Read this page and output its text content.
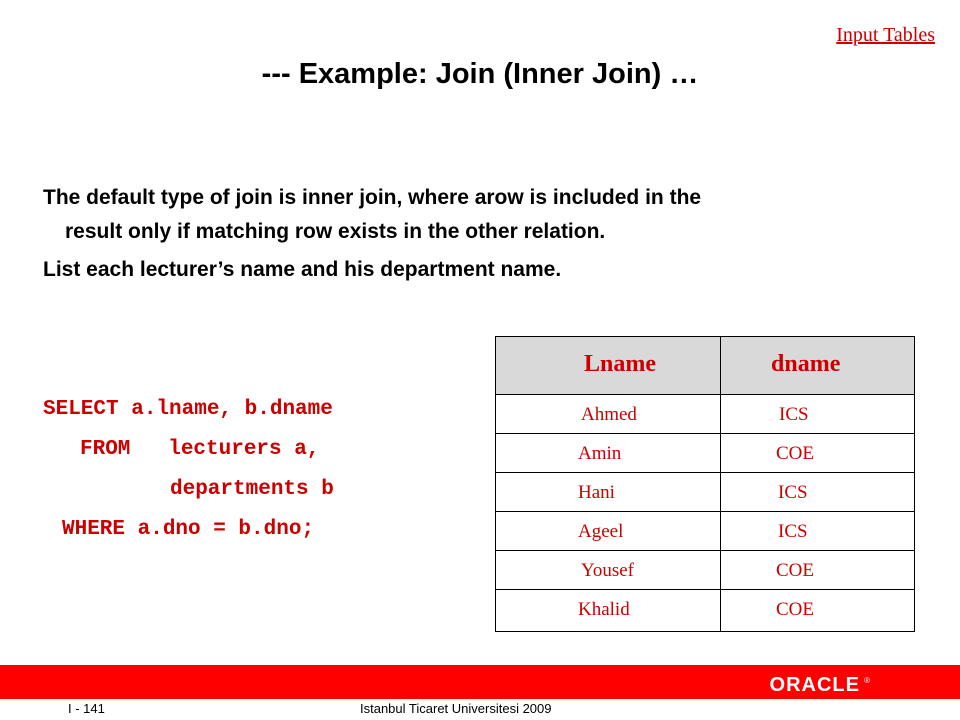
Input Tables
--- Example: Join (Inner Join) …
The default type of join is inner join, where arow is included in the
result only if matching row exists in the other relation.
List each lecturer’s name and his department name.
SELECT a.lname, b.dname
FROM   lecturers a,
departments b
WHERE a.dno = b.dno;
Lname	dname
Ahmed	ICS
Amin	COE
Hani	ICS
Ageel	ICS
Yousef	COE
Khalid	COE
ORACLE ®
I - 141	Istanbul Ticaret Universitesi 2009
